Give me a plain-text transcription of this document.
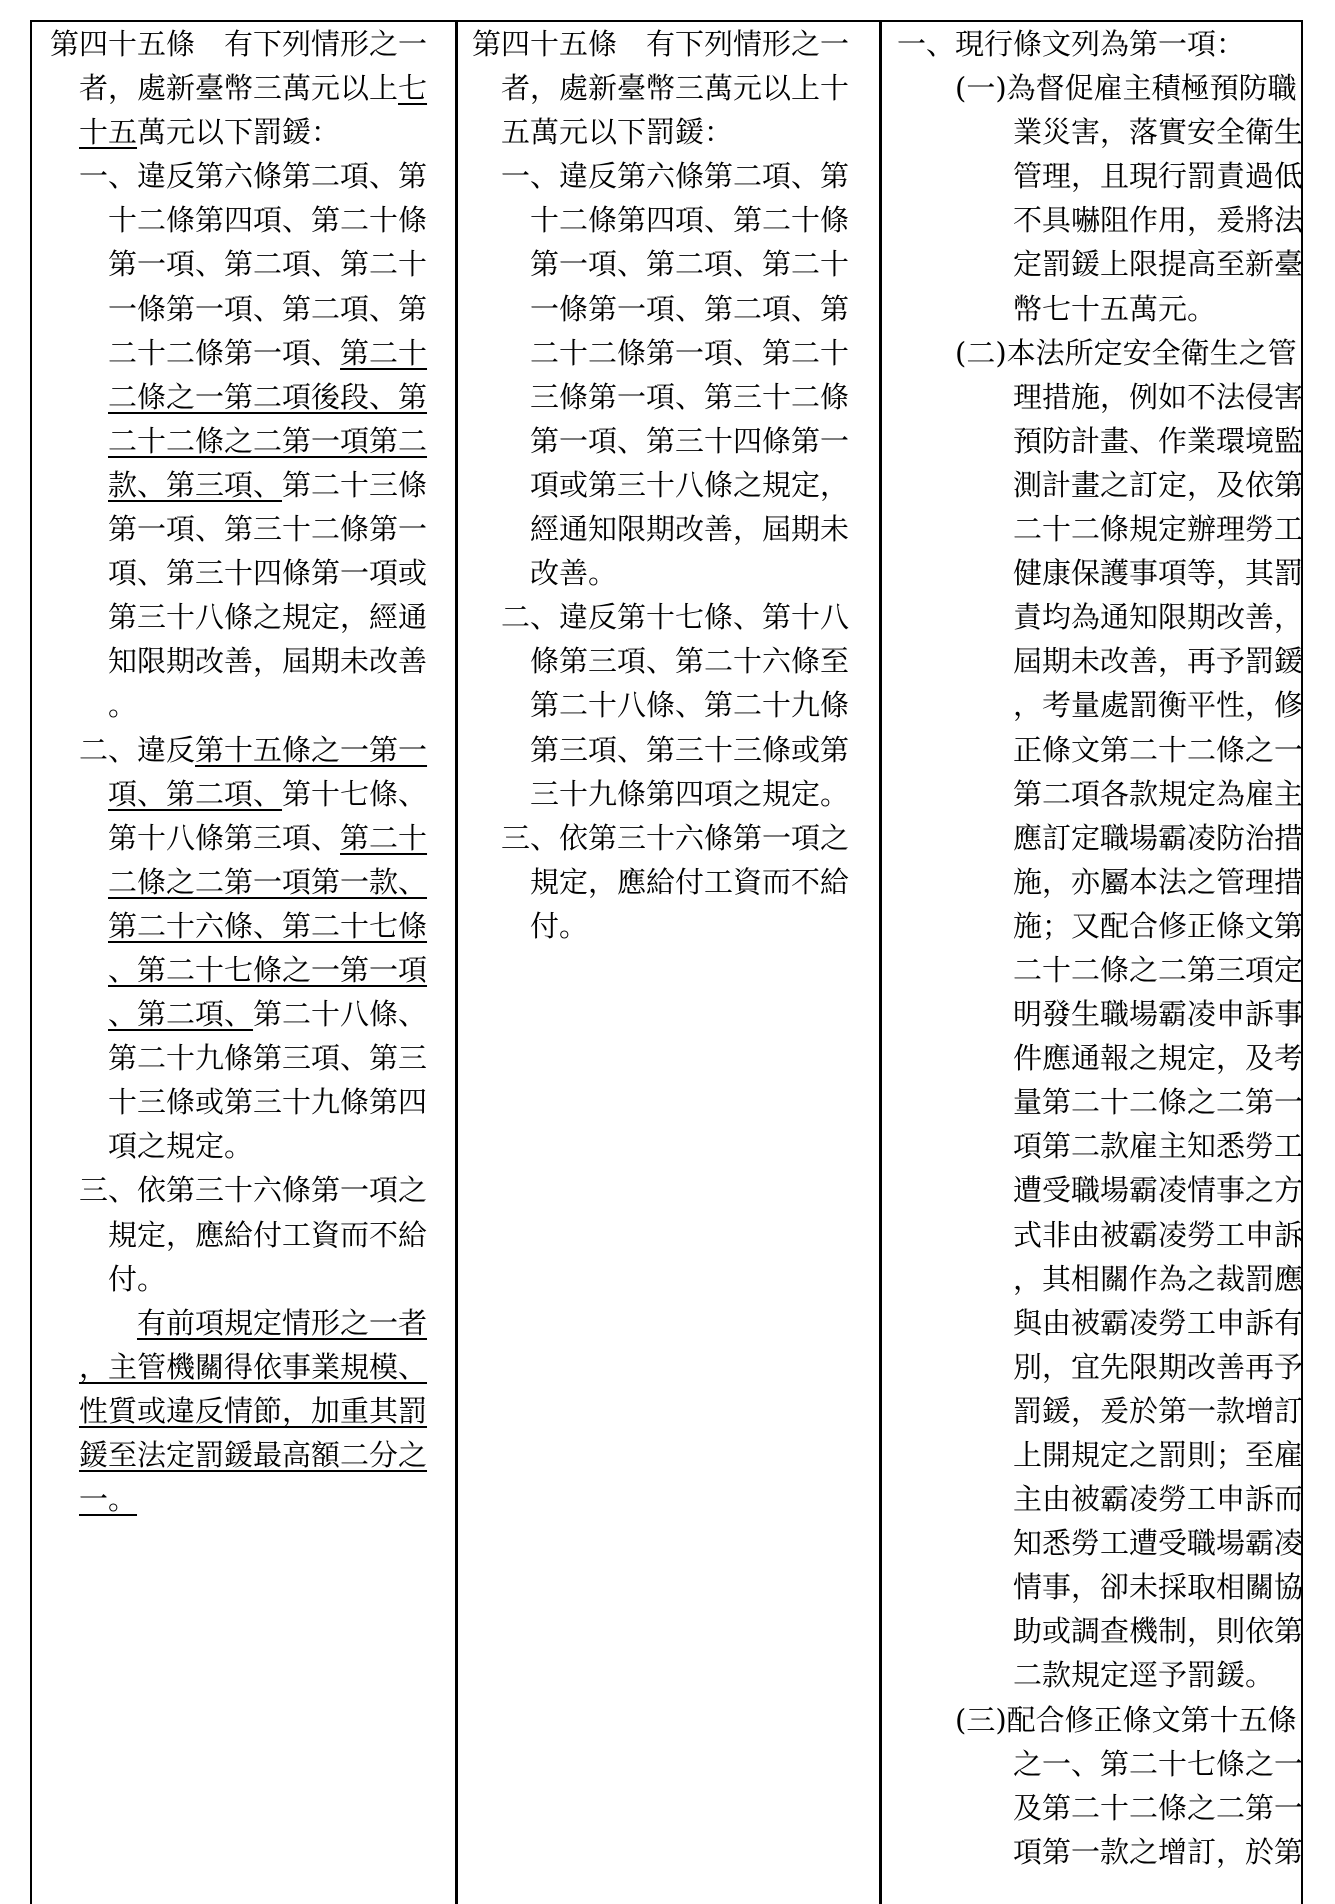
第四十五條　有下列情形之一
者，處新臺幣三萬元以上七
十五萬元以下罰鍰：
一、違反第六條第二項、第
十二條第四項、第二十條
第一項、第二項、第二十
一條第一項、第二項、第
二十二條第一項、第二十
二條之一第二項後段、第
二十二條之二第一項第二
款、第三項、第二十三條
第一項、第三十二條第一
項、第三十四條第一項或
第三十八條之規定，經通
知限期改善，屆期未改善
。
二、違反第十五條之一第一
項、第二項、第十七條、
第十八條第三項、第二十
二條之二第一項第一款、
第二十六條、第二十七條
、第二十七條之一第一項
、第二項、第二十八條、
第二十九條第三項、第三
十三條或第三十九條第四
項之規定。
三、依第三十六條第一項之
規定，應給付工資而不給
付。
有前項規定情形之一者
，主管機關得依事業規模、
性質或違反情節，加重其罰
鍰至法定罰鍰最高額二分之
一。
第四十五條　有下列情形之一
者，處新臺幣三萬元以上十
五萬元以下罰鍰：
一、違反第六條第二項、第
十二條第四項、第二十條
第一項、第二項、第二十
一條第一項、第二項、第
二十二條第一項、第二十
三條第一項、第三十二條
第一項、第三十四條第一
項或第三十八條之規定，
經通知限期改善，屆期未
改善。
二、違反第十七條、第十八
條第三項、第二十六條至
第二十八條、第二十九條
第三項、第三十三條或第
三十九條第四項之規定。
三、依第三十六條第一項之
規定，應給付工資而不給
付。
一、現行條文列為第一項：
(一)為督促雇主積極預防職
業災害，落實安全衛生
管理，且現行罰責過低
不具嚇阻作用，爰將法
定罰鍰上限提高至新臺
幣七十五萬元。
(二)本法所定安全衛生之管
理措施，例如不法侵害
預防計畫、作業環境監
測計畫之訂定，及依第
二十二條規定辦理勞工
健康保護事項等，其罰
責均為通知限期改善，
屆期未改善，再予罰鍰
，考量處罰衡平性，修
正條文第二十二條之一
第二項各款規定為雇主
應訂定職場霸凌防治措
施，亦屬本法之管理措
施；又配合修正條文第
二十二條之二第三項定
明發生職場霸凌申訴事
件應通報之規定，及考
量第二十二條之二第一
項第二款雇主知悉勞工
遭受職場霸凌情事之方
式非由被霸凌勞工申訴
，其相關作為之裁罰應
與由被霸凌勞工申訴有
別，宜先限期改善再予
罰鍰，爰於第一款增訂
上開規定之罰則；至雇
主由被霸凌勞工申訴而
知悉勞工遭受職場霸凌
情事，卻未採取相關協
助或調查機制，則依第
二款規定逕予罰鍰。
(三)配合修正條文第十五條
之一、第二十七條之一
及第二十二條之二第一
項第一款之增訂，於第
